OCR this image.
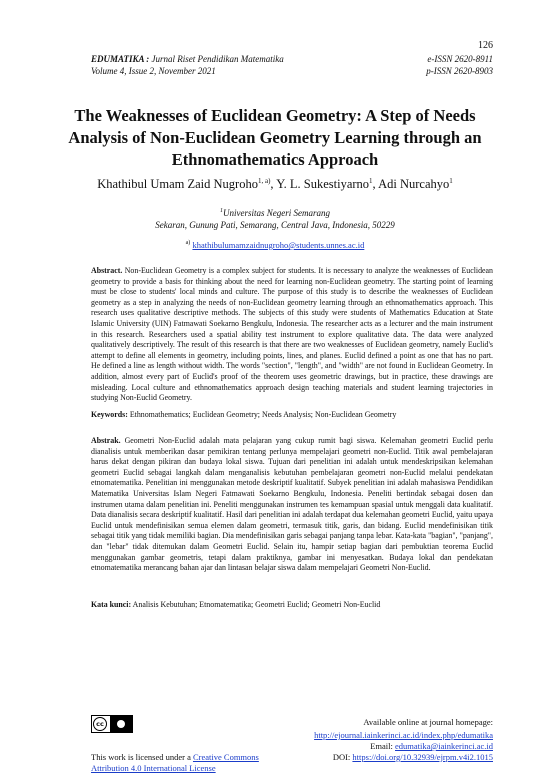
126
EDUMATIKA : Jurnal Riset Pendidikan Matematika
Volume 4, Issue 2, November 2021
e-ISSN 2620-8911
p-ISSN 2620-8903
The Weaknesses of Euclidean Geometry: A Step of Needs Analysis of Non-Euclidean Geometry Learning through an Ethnomathematics Approach
Khathibul Umam Zaid Nugroho$^{1, a)}$, Y. L. Sukestiyarno$^1$, Adi Nurcahyo$^1$
$^1$Universitas Negeri Semarang
Sekaran, Gunung Pati, Semarang, Central Java, Indonesia, 50229
$^{a)}$ khathibulumamzaidnugroho@students.unnes.ac.id
Abstract. Non-Euclidean Geometry is a complex subject for students. It is necessary to analyze the weaknesses of Euclidean geometry to provide a basis for thinking about the need for learning non-Euclidean geometry. The starting point of learning must be close to students' local minds and culture. The purpose of this study is to describe the weaknesses of Euclidean geometry as a step in analyzing the needs of non-Euclidean geometry learning through an ethnomathematics approach. This research uses qualitative descriptive methods. The subjects of this study were students of Mathematics Education at State Islamic University (UIN) Fatmawati Soekarno Bengkulu, Indonesia. The researcher acts as a lecturer and the main instrument in this research. Researchers used a spatial ability test instrument to explore qualitative data. The data were analyzed qualitatively descriptively. The result of this research is that there are two weaknesses of Euclidean geometry, namely Euclid's attempt to define all elements in geometry, including points, lines, and planes. Euclid defined a point as one that has no part. He defined a line as length without width. The words "section", "length", and "width" are not found in Euclidean Geometry. In addition, almost every part of Euclid's proof of the theorem uses geometric drawings, but in practice, these drawings are misleading. Local culture and ethnomathematics approach design teaching materials and student learning trajectories in studying Non-Euclid Geometry.
Keywords: Ethnomathematics; Euclidean Geometry; Needs Analysis; Non-Euclidean Geometry
Abstrak. Geometri Non-Euclid adalah mata pelajaran yang cukup rumit bagi siswa. Kelemahan geometri Euclid perlu dianalisis untuk memberikan dasar pemikiran tentang perlunya mempelajari geometri non-Euclid. Titik awal pembelajaran harus dekat dengan pikiran dan budaya lokal siswa. Tujuan dari penelitian ini adalah untuk mendeskripsikan kelemahan geometri Euclid sebagai langkah dalam menganalisis kebutuhan pembelajaran geometri non-Euclid melalui pendekatan etnomatematika. Penelitian ini menggunakan metode deskriptif kualitatif. Subyek penelitian ini adalah mahasiswa Pendidikan Matematika Universitas Islam Negeri Fatmawati Soekarno Bengkulu, Indonesia. Peneliti bertindak sebagai dosen dan instrumen utama dalam penelitian ini. Peneliti menggunakan instrumen tes kemampuan spasial untuk menggali data kualitatif. Data dianalisis secara deskriptif kualitatif. Hasil dari penelitian ini adalah terdapat dua kelemahan geometri Euclid, yaitu upaya Euclid untuk mendefinisikan semua elemen dalam geometri, termasuk titik, garis, dan bidang. Euclid mendefinisikan titik sebagai titik yang tidak memiliki bagian. Dia mendefinisikan garis sebagai panjang tanpa lebar. Kata-kata "bagian", "panjang", dan "lebar" tidak ditemukan dalam Geometri Euclid. Selain itu, hampir setiap bagian dari pembuktian teorema Euclid menggunakan gambar geometris, tetapi dalam praktiknya, gambar ini menyesatkan. Budaya lokal dan pendekatan etnomatematika merancang bahan ajar dan lintasan belajar siswa dalam mempelajari Geometri Non-Euclid.
Kata kunci: Analisis Kebutuhan; Etnomatematika; Geometri Euclid; Geometri Non-Euclid
cc
This work is licensed under a Creative Commons
Attribution 4.0 International License
Available online at journal homepage:
http://ejournal.iainkerinci.ac.id/index.php/edumatika
Email: edumatika@iainkerinci.ac.id
DOI: https://doi.org/10.32939/ejrpm.v4i2.1015
